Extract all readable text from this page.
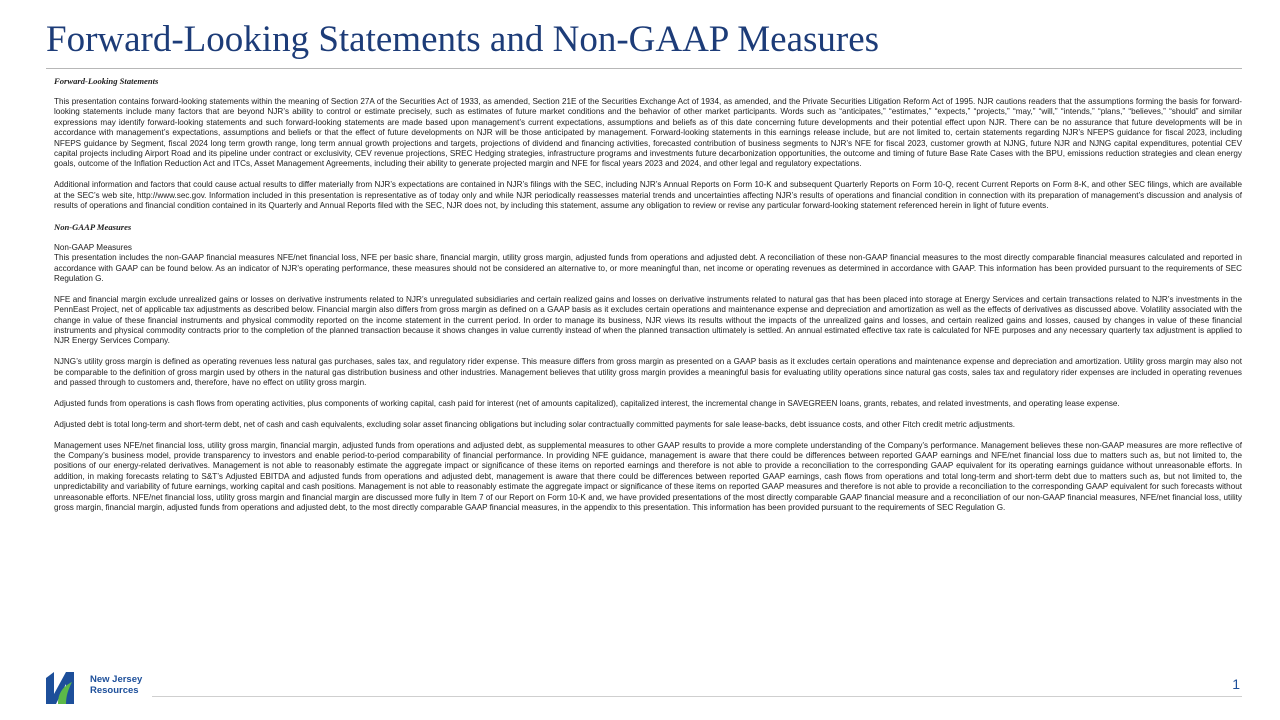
Forward-Looking Statements and Non-GAAP Measures

Forward-Looking Statements

This presentation contains forward-looking statements within the meaning of Section 27A of the Securities Act of 1933, as amended, Section 21E of the Securities Exchange Act of 1934, as amended, and the Private Securities Litigation Reform Act of 1995. NJR cautions readers that the assumptions forming the basis for forward-looking statements include many factors that are beyond NJR’s ability to control or estimate precisely, such as estimates of future market conditions and the behavior of other market participants. Words such as “anticipates,” “estimates,” “expects,” “projects,” “may,” “will,” “intends,” “plans,” “believes,” “should” and similar expressions may identify forward-looking statements and such forward-looking statements are made based upon management’s current expectations, assumptions and beliefs as of this date concerning future developments and their potential effect upon NJR. There can be no assurance that future developments will be in accordance with management’s expectations, assumptions and beliefs or that the effect of future developments on NJR will be those anticipated by management. Forward-looking statements in this earnings release include, but are not limited to, certain statements regarding NJR’s NFEPS guidance for fiscal 2023, including NFEPS guidance by Segment, fiscal 2024 long term growth range, long term annual growth projections and targets, projections of dividend and financing activities, forecasted contribution of business segments to NJR’s NFE for fiscal 2023, customer growth at NJNG, future NJR and NJNG capital expenditures, potential CEV capital projects including Airport Road and its pipeline under contract or exclusivity, CEV revenue projections, SREC Hedging strategies, infrastructure programs and investments future decarbonization opportunities, the outcome and timing of future Base Rate Cases with the BPU, emissions reduction strategies and clean energy goals, outcome of the Inflation Reduction Act and ITCs, Asset Management Agreements, including their ability to generate projected margin and NFE for fiscal years 2023 and 2024, and other legal and regulatory expectations.

Additional information and factors that could cause actual results to differ materially from NJR’s expectations are contained in NJR’s filings with the SEC, including NJR’s Annual Reports on Form 10-K and subsequent Quarterly Reports on Form 10-Q, recent Current Reports on Form 8-K, and other SEC filings, which are available at the SEC’s web site, http://www.sec.gov. Information included in this presentation is representative as of today only and while NJR periodically reassesses material trends and uncertainties affecting NJR’s results of operations and financial condition in connection with its preparation of management’s discussion and analysis of results of operations and financial condition contained in its Quarterly and Annual Reports filed with the SEC, NJR does not, by including this statement, assume any obligation to review or revise any particular forward-looking statement referenced herein in light of future events.

Non-GAAP Measures

Non-GAAP Measures
This presentation includes the non-GAAP financial measures NFE/net financial loss, NFE per basic share, financial margin, utility gross margin, adjusted funds from operations and adjusted debt. A reconciliation of these non-GAAP financial measures to the most directly comparable financial measures calculated and reported in accordance with GAAP can be found below. As an indicator of NJR’s operating performance, these measures should not be considered an alternative to, or more meaningful than, net income or operating revenues as determined in accordance with GAAP. This information has been provided pursuant to the requirements of SEC Regulation G.

NFE and financial margin exclude unrealized gains or losses on derivative instruments related to NJR’s unregulated subsidiaries and certain realized gains and losses on derivative instruments related to natural gas that has been placed into storage at Energy Services and certain transactions related to NJR’s investments in the PennEast Project, net of applicable tax adjustments as described below. Financial margin also differs from gross margin as defined on a GAAP basis as it excludes certain operations and maintenance expense and depreciation and amortization as well as the effects of derivatives as discussed above. Volatility associated with the change in value of these financial instruments and physical commodity reported on the income statement in the current period. In order to manage its business, NJR views its results without the impacts of the unrealized gains and losses, and certain realized gains and losses, caused by changes in value of these financial instruments and physical commodity contracts prior to the completion of the planned transaction because it shows changes in value currently instead of when the planned transaction ultimately is settled. An annual estimated effective tax rate is calculated for NFE purposes and any necessary quarterly tax adjustment is applied to NJR Energy Services Company.

NJNG’s utility gross margin is defined as operating revenues less natural gas purchases, sales tax, and regulatory rider expense. This measure differs from gross margin as presented on a GAAP basis as it excludes certain operations and maintenance expense and depreciation and amortization. Utility gross margin may also not be comparable to the definition of gross margin used by others in the natural gas distribution business and other industries. Management believes that utility gross margin provides a meaningful basis for evaluating utility operations since natural gas costs, sales tax and regulatory rider expenses are included in operating revenues and passed through to customers and, therefore, have no effect on utility gross margin.

Adjusted funds from operations is cash flows from operating activities, plus components of working capital, cash paid for interest (net of amounts capitalized), capitalized interest, the incremental change in SAVEGREEN loans, grants, rebates, and related investments, and operating lease expense.

Adjusted debt is total long-term and short-term debt, net of cash and cash equivalents, excluding solar asset financing obligations but including solar contractually committed payments for sale lease-backs, debt issuance costs, and other Fitch credit metric adjustments.

Management uses NFE/net financial loss, utility gross margin, financial margin, adjusted funds from operations and adjusted debt, as supplemental measures to other GAAP results to provide a more complete understanding of the Company’s performance. Management believes these non-GAAP measures are more reflective of the Company’s business model, provide transparency to investors and enable period-to-period comparability of financial performance. In providing NFE guidance, management is aware that there could be differences between reported GAAP earnings and NFE/net financial loss due to matters such as, but not limited to, the positions of our energy-related derivatives. Management is not able to reasonably estimate the aggregate impact or significance of these items on reported earnings and therefore is not able to provide a reconciliation to the corresponding GAAP equivalent for its operating earnings guidance without unreasonable efforts. In addition, in making forecasts relating to S&T’s Adjusted EBITDA and adjusted funds from operations and adjusted debt, management is aware that there could be differences between reported GAAP earnings, cash flows from operations and total long-term and short-term debt due to matters such as, but not limited to, the unpredictability and variability of future earnings, working capital and cash positions. Management is not able to reasonably estimate the aggregate impact or significance of these items on reported GAAP measures and therefore is not able to provide a reconciliation to the corresponding GAAP equivalent for such forecasts without unreasonable efforts. NFE/net financial loss, utility gross margin and financial margin are discussed more fully in Item 7 of our Report on Form 10-K and, we have provided presentations of the most directly comparable GAAP financial measure and a reconciliation of our non-GAAP financial measures, NFE/net financial loss, utility gross margin, financial margin, adjusted funds from operations and adjusted debt, to the most directly comparable GAAP financial measures, in the appendix to this presentation. This information has been provided pursuant to the requirements of SEC Regulation G.

New Jersey
Resources	1
